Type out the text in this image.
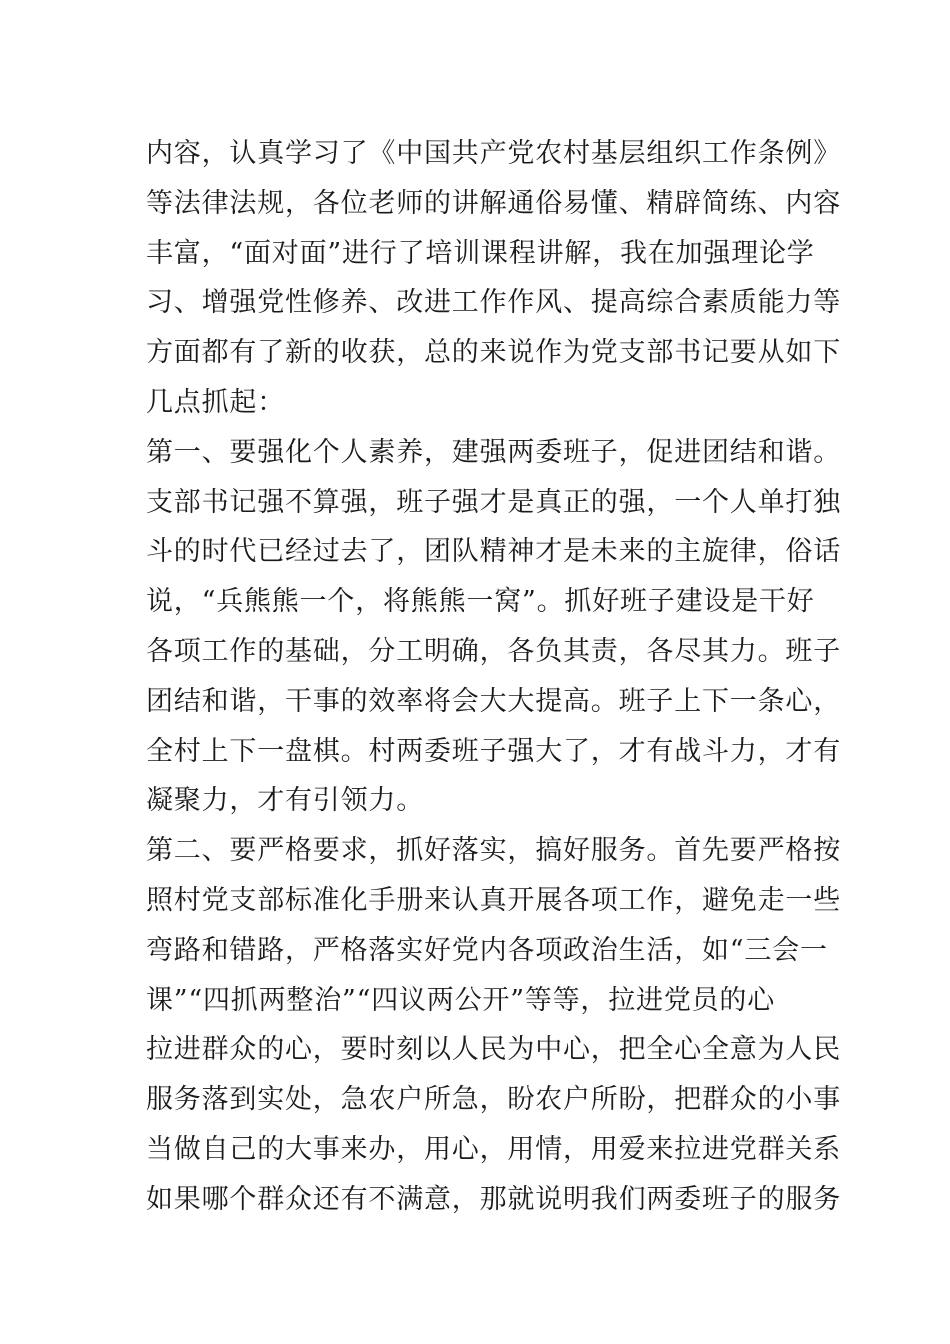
内容，认真学习了《中国共产党农村基层组织工作条例》
等法律法规，各位老师的讲解通俗易懂、精辟简练、内容
丰富，“面对面”进行了培训课程讲解，我在加强理论学
习、增强党性修养、改进工作作风、提高综合素质能力等
方面都有了新的收获，总的来说作为党支部书记要从如下
几点抓起：
第一、要强化个人素养，建强两委班子，促进团结和谐。
支部书记强不算强，班子强才是真正的强，一个人单打独
斗的时代已经过去了，团队精神才是未来的主旋律，俗话
说，“兵熊熊一个，将熊熊一窝”。抓好班子建设是干好
各项工作的基础，分工明确，各负其责，各尽其力。班子
团结和谐，干事的效率将会大大提高。班子上下一条心，
全村上下一盘棋。村两委班子强大了，才有战斗力，才有
凝聚力，才有引领力。
第二、要严格要求，抓好落实，搞好服务。首先要严格按
照村党支部标准化手册来认真开展各项工作，避免走一些
弯路和错路，严格落实好党内各项政治生活，如“三会一
课”“四抓两整治”“四议两公开”等等，拉进党员的心
拉进群众的心，要时刻以人民为中心，把全心全意为人民
服务落到实处，急农户所急，盼农户所盼，把群众的小事
当做自己的大事来办，用心，用情，用爱来拉进党群关系
如果哪个群众还有不满意，那就说明我们两委班子的服务
